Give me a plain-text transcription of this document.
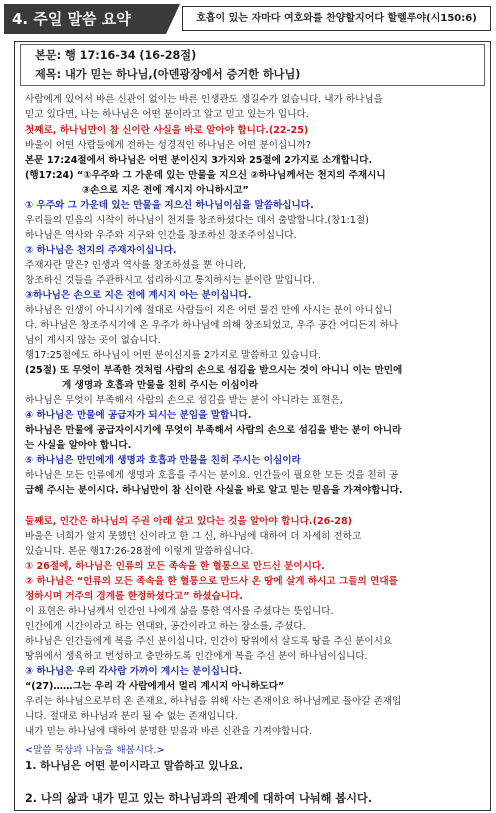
4. 주일 말씀 요약	호흡이 있는 자마다 여호와를 찬양할지어다 할렐루야(시150:6)
본문: 행 17:16-34 (16-28절)
제목: 내가 믿는 하나님,(아덴광장에서 증거한 하나님)
사람에게 있어서 바른 신관이 없이는 바른 인생관도 생길수가 없습니다. 내가 하나님을
믿고 있다면, 나는 하나님은 어떤 분이라고 알고 믿고 있는가 입니다.
첫째로, 하나님만이 참 신이란 사실을 바로 알아야 합니다.(22-25)
바울이 어떤 사람들에게 전하는 성경적인 하나님은 어떤 분이십니까?
본문 17:24절에서 하나님은 어떤 분이신지 3가지와 25절에 2가지로 소개합니다.
(행17:24) “①우주와 그 가운데 있는 만물을 지으신 ②하나님께서는 천지의 주재시니
③손으로 지은 전에 계시지 아니하시고”
① 우주와 그 가운데 있는 만물을 지으신 하나님이심을 말씀하십니다.
우리들의 믿음의 시작이 하나님이 천지를 창조하셨다는 데서 출발합니다.(창1:1절)
하나님은 역사와 우주와 지구와 인간을 창조하신 창조주이십니다.
② 하나님은 천지의 주재자이십니다.
주재자란 말은? 인생과 역사를 창조하셨을 뿐 아니라,
창조하신 것들을 주관하시고 섭리하시고 통치하시는 분이란 말입니다.
③하나님은 손으로 지은 전에 계시지 아는 분이십니다.
하나님은 인생이 아니시기에 절대로 사람들이 지은 어떤 물건 안에 사시는 분이 아니십니
다. 하나님은 창조주시기에 온 우주가 하나님에 의해 창조되었고, 우주 공간 어디든지 하나
님이 계시지 않는 곳이 없습니다.
행17:25절에도 하나님이 어떤 분이신지를 2가지로 말씀하고 있습니다.
(25절) 또 무엇이 부족한 것처럼 사람의 손으로 섬김을 받으시는 것이 아니니 이는 만민에
게 생명과 호흡과 만물을 친히 주시는 이심이라
하나님은 무엇이 부족해서 사람의 손으로 섬김을 받는 분이 아니라는 표현은,
④ 하나님은 만물에 공급자가 되시는 분임을 말합니다.
하나님은 만물에 공급자이시기에 무엇이 부족해서 사람의 손으로 섬김을 받는 분이 아니라
는 사실을 알아야 합니다.
⑤ 하나님은 만민에게 생명과 호흡과 만물을 친히 주시는 이심이라
하나님은 모든 인류에게 생명과 호흡을 주시는 분이요. 인간들이 필요한 모든 것을 친히 공
급해 주시는 분이시다. 하나님만이 참 신이란 사실을 바로 알고 믿는 믿음을 가져야합니다.
둘째로, 인간은 하나님의 주권 아래 살고 있다는 것을 알아야 합니다.(26-28)
바울은 너희가 알지 못했던 신이라고 한 그 신, 하나님에 대하여 더 자세히 전하고
있습니다. 본문 행17:26-28절에 이렇게 말씀하십니다.
① 26절에, 하나님은 인류의 모든 족속을 한 혈통으로 만드신 분이시다.
② 하나님은 “인류의 모든 족속을 한 혈통으로 만드사 온 땅에 살게 하시고 그들의 연대를
정하시며 거주의 경계를 한정하셨다고” 하셨습니다.
이 표현은 하나님께서 인간인 나에게 삶을 통한 역사를 주셨다는 뜻입니다.
인간에게 시간이라고 하는 연대와, 공간이라고 하는 장소를, 주셨다.
하나님은 인간들에게 복을 주신 분이십니다. 인간이 땅위에서 살도록 땅을 주신 분이시요
땅위에서 생육하고 번성하고 충만하도록 인간에게 복을 주신 분이 하나님이십니다.
③ 하나님은 우리 각사람 가까이 계시는 분이십니다.
“(27)……그는 우리 각 사람에게서 멀리 계시지 아니하도다”
우리는 하나님으로부터 온 존재요, 하나님을 위해 사는 존재이요 하나님께로 돌아갈 존재입
니다. 절대로 하나님과 분리 될 수 없는 존재입니다.
내가 믿는 하나님에 대하여 분명한 믿음과 바른 신관을 가져야합니다.
<말씀 묵상과 나눔을 해봅시다.>
1. 하나님은 어떤 분이시라고 말씀하고 있나요.
2. 나의 삶과 내가 믿고 있는 하나님과의 관계에 대하여 나눠해 봅시다.
